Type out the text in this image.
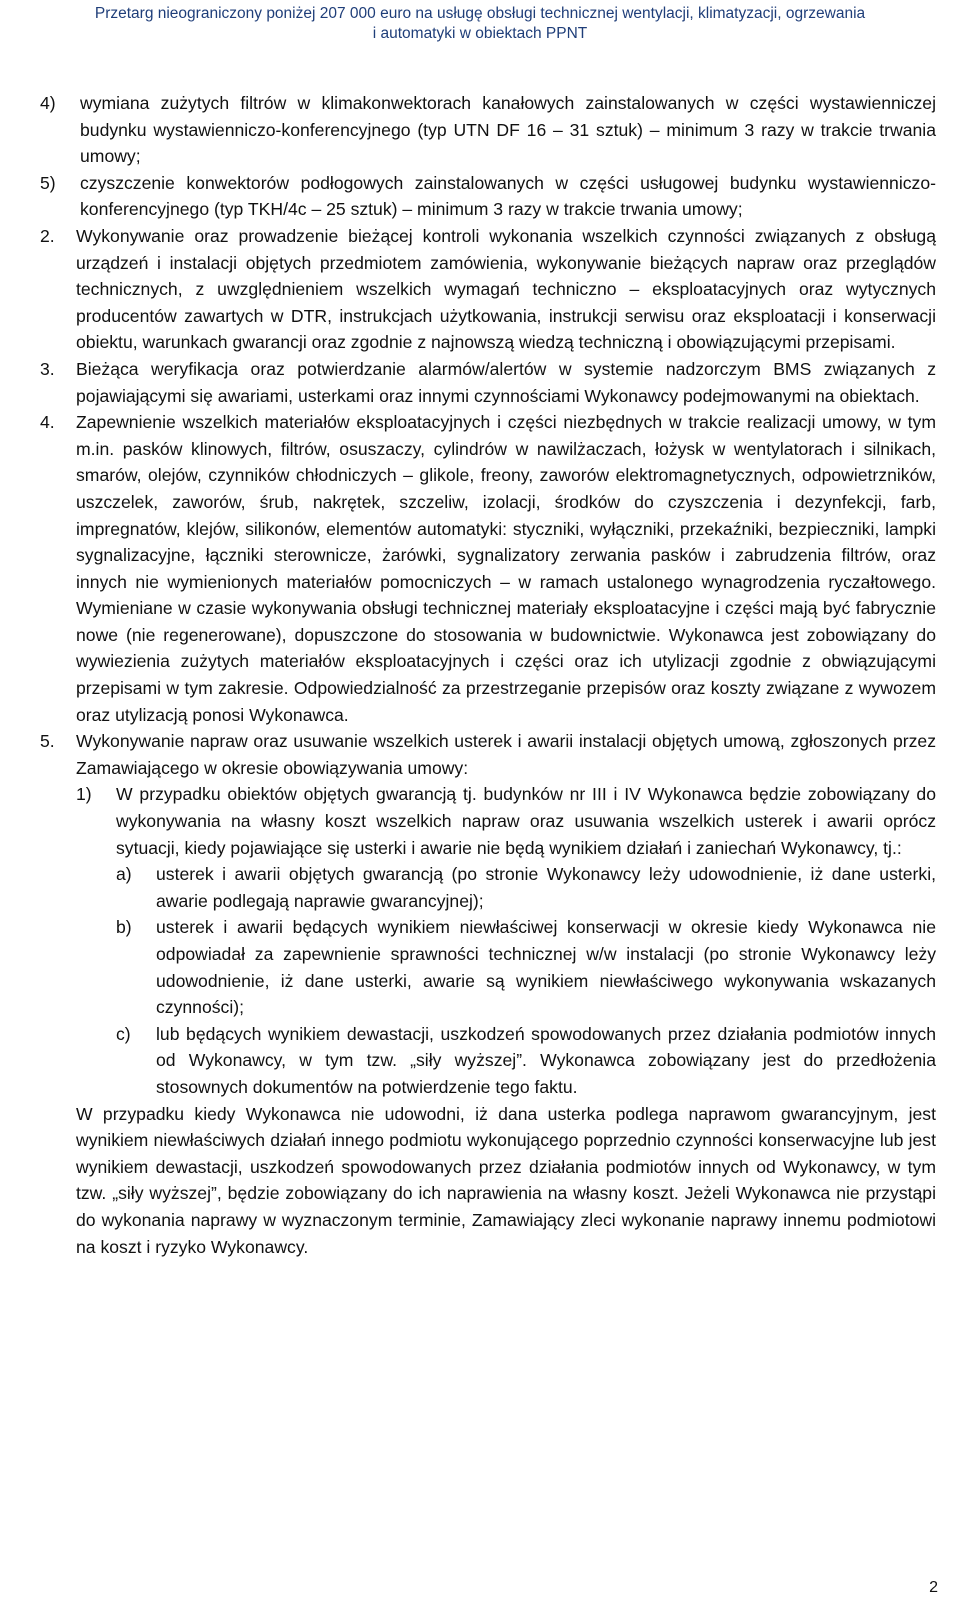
Przetarg nieograniczony poniżej 207 000 euro na usługę obsługi technicznej wentylacji, klimatyzacji, ogrzewania
i automatyki w obiektach PPNT
4)	wymiana zużytych filtrów w klimakonwektorach kanałowych zainstalowanych w części wystawienniczej budynku wystawienniczo-konferencyjnego (typ UTN DF 16 – 31 sztuk) – minimum 3 razy w trakcie trwania umowy;
5)	czyszczenie konwektorów podłogowych zainstalowanych w części usługowej budynku wystawienniczo-konferencyjnego (typ TKH/4c – 25 sztuk) – minimum 3 razy w trakcie trwania umowy;
2.	Wykonywanie oraz prowadzenie bieżącej kontroli wykonania wszelkich czynności związanych z obsługą urządzeń i instalacji objętych przedmiotem zamówienia, wykonywanie bieżących napraw oraz przeglądów technicznych, z uwzględnieniem wszelkich wymagań techniczno – eksploatacyjnych oraz wytycznych producentów zawartych w DTR, instrukcjach użytkowania, instrukcji serwisu oraz eksploatacji i konserwacji obiektu, warunkach gwarancji oraz zgodnie z najnowszą wiedzą techniczną i obowiązującymi przepisami.
3.	Bieżąca weryfikacja oraz potwierdzanie alarmów/alertów w systemie nadzorczym BMS związanych z pojawiającymi się awariami, usterkami oraz innymi czynnościami Wykonawcy podejmowanymi na obiektach.
4.	Zapewnienie wszelkich materiałów eksploatacyjnych i części niezbędnych w trakcie realizacji umowy, w tym m.in. pasków klinowych, filtrów, osuszaczy, cylindrów w nawilżaczach, łożysk w wentylatorach i silnikach, smarów, olejów, czynników chłodniczych – glikole, freony, zaworów elektromagnetycznych, odpowietrzników, uszczelek, zaworów, śrub, nakrętek, szczeliw, izolacji, środków do czyszczenia i dezynfekcji, farb, impregnatów, klejów, silikonów, elementów automatyki: styczniki, wyłączniki, przekaźniki, bezpieczniki, lampki sygnalizacyjne, łączniki sterownicze, żarówki, sygnalizatory zerwania pasków i zabrudzenia filtrów, oraz innych nie wymienionych materiałów pomocniczych – w ramach ustalonego wynagrodzenia ryczałtowego. Wymieniane w czasie wykonywania obsługi technicznej materiały eksploatacyjne i części mają być fabrycznie nowe (nie regenerowane), dopuszczone do stosowania w budownictwie. Wykonawca jest zobowiązany do wywiezienia zużytych materiałów eksploatacyjnych i części oraz ich utylizacji zgodnie z obwiązującymi przepisami w tym zakresie. Odpowiedzialność za przestrzeganie przepisów oraz koszty związane z wywozem oraz utylizacją ponosi Wykonawca.
5.	Wykonywanie napraw oraz usuwanie wszelkich usterek i awarii instalacji objętych umową, zgłoszonych przez Zamawiającego w okresie obowiązywania umowy:
1)	W przypadku obiektów objętych gwarancją tj. budynków nr III i IV Wykonawca będzie zobowiązany do wykonywania na własny koszt wszelkich napraw oraz usuwania wszelkich usterek i awarii oprócz sytuacji, kiedy pojawiające się usterki i awarie nie będą wynikiem działań i zaniechań Wykonawcy, tj.:
a)	usterek i awarii objętych gwarancją (po stronie Wykonawcy leży udowodnienie, iż dane usterki, awarie podlegają naprawie gwarancyjnej);
b)	usterek i awarii będących wynikiem niewłaściwej konserwacji w okresie kiedy Wykonawca nie odpowiadał za zapewnienie sprawności technicznej w/w instalacji (po stronie Wykonawcy leży udowodnienie, iż dane usterki, awarie są wynikiem niewłaściwego wykonywania wskazanych czynności);
c)	lub będących wynikiem dewastacji, uszkodzeń spowodowanych przez działania podmiotów innych od Wykonawcy, w tym tzw. „siły wyższej”. Wykonawca zobowiązany jest do przedłożenia stosownych dokumentów na potwierdzenie tego faktu.

W przypadku kiedy Wykonawca nie udowodni, iż dana usterka podlega naprawom gwarancyjnym, jest wynikiem niewłaściwych działań innego podmiotu wykonującego poprzednio czynności konserwacyjne lub jest wynikiem dewastacji, uszkodzeń spowodowanych przez działania podmiotów innych od Wykonawcy, w tym tzw. „siły wyższej”, będzie zobowiązany do ich naprawienia na własny koszt. Jeżeli Wykonawca nie przystąpi do wykonania naprawy w wyznaczonym terminie, Zamawiający zleci wykonanie naprawy innemu podmiotowi na koszt i ryzyko Wykonawcy.

2
